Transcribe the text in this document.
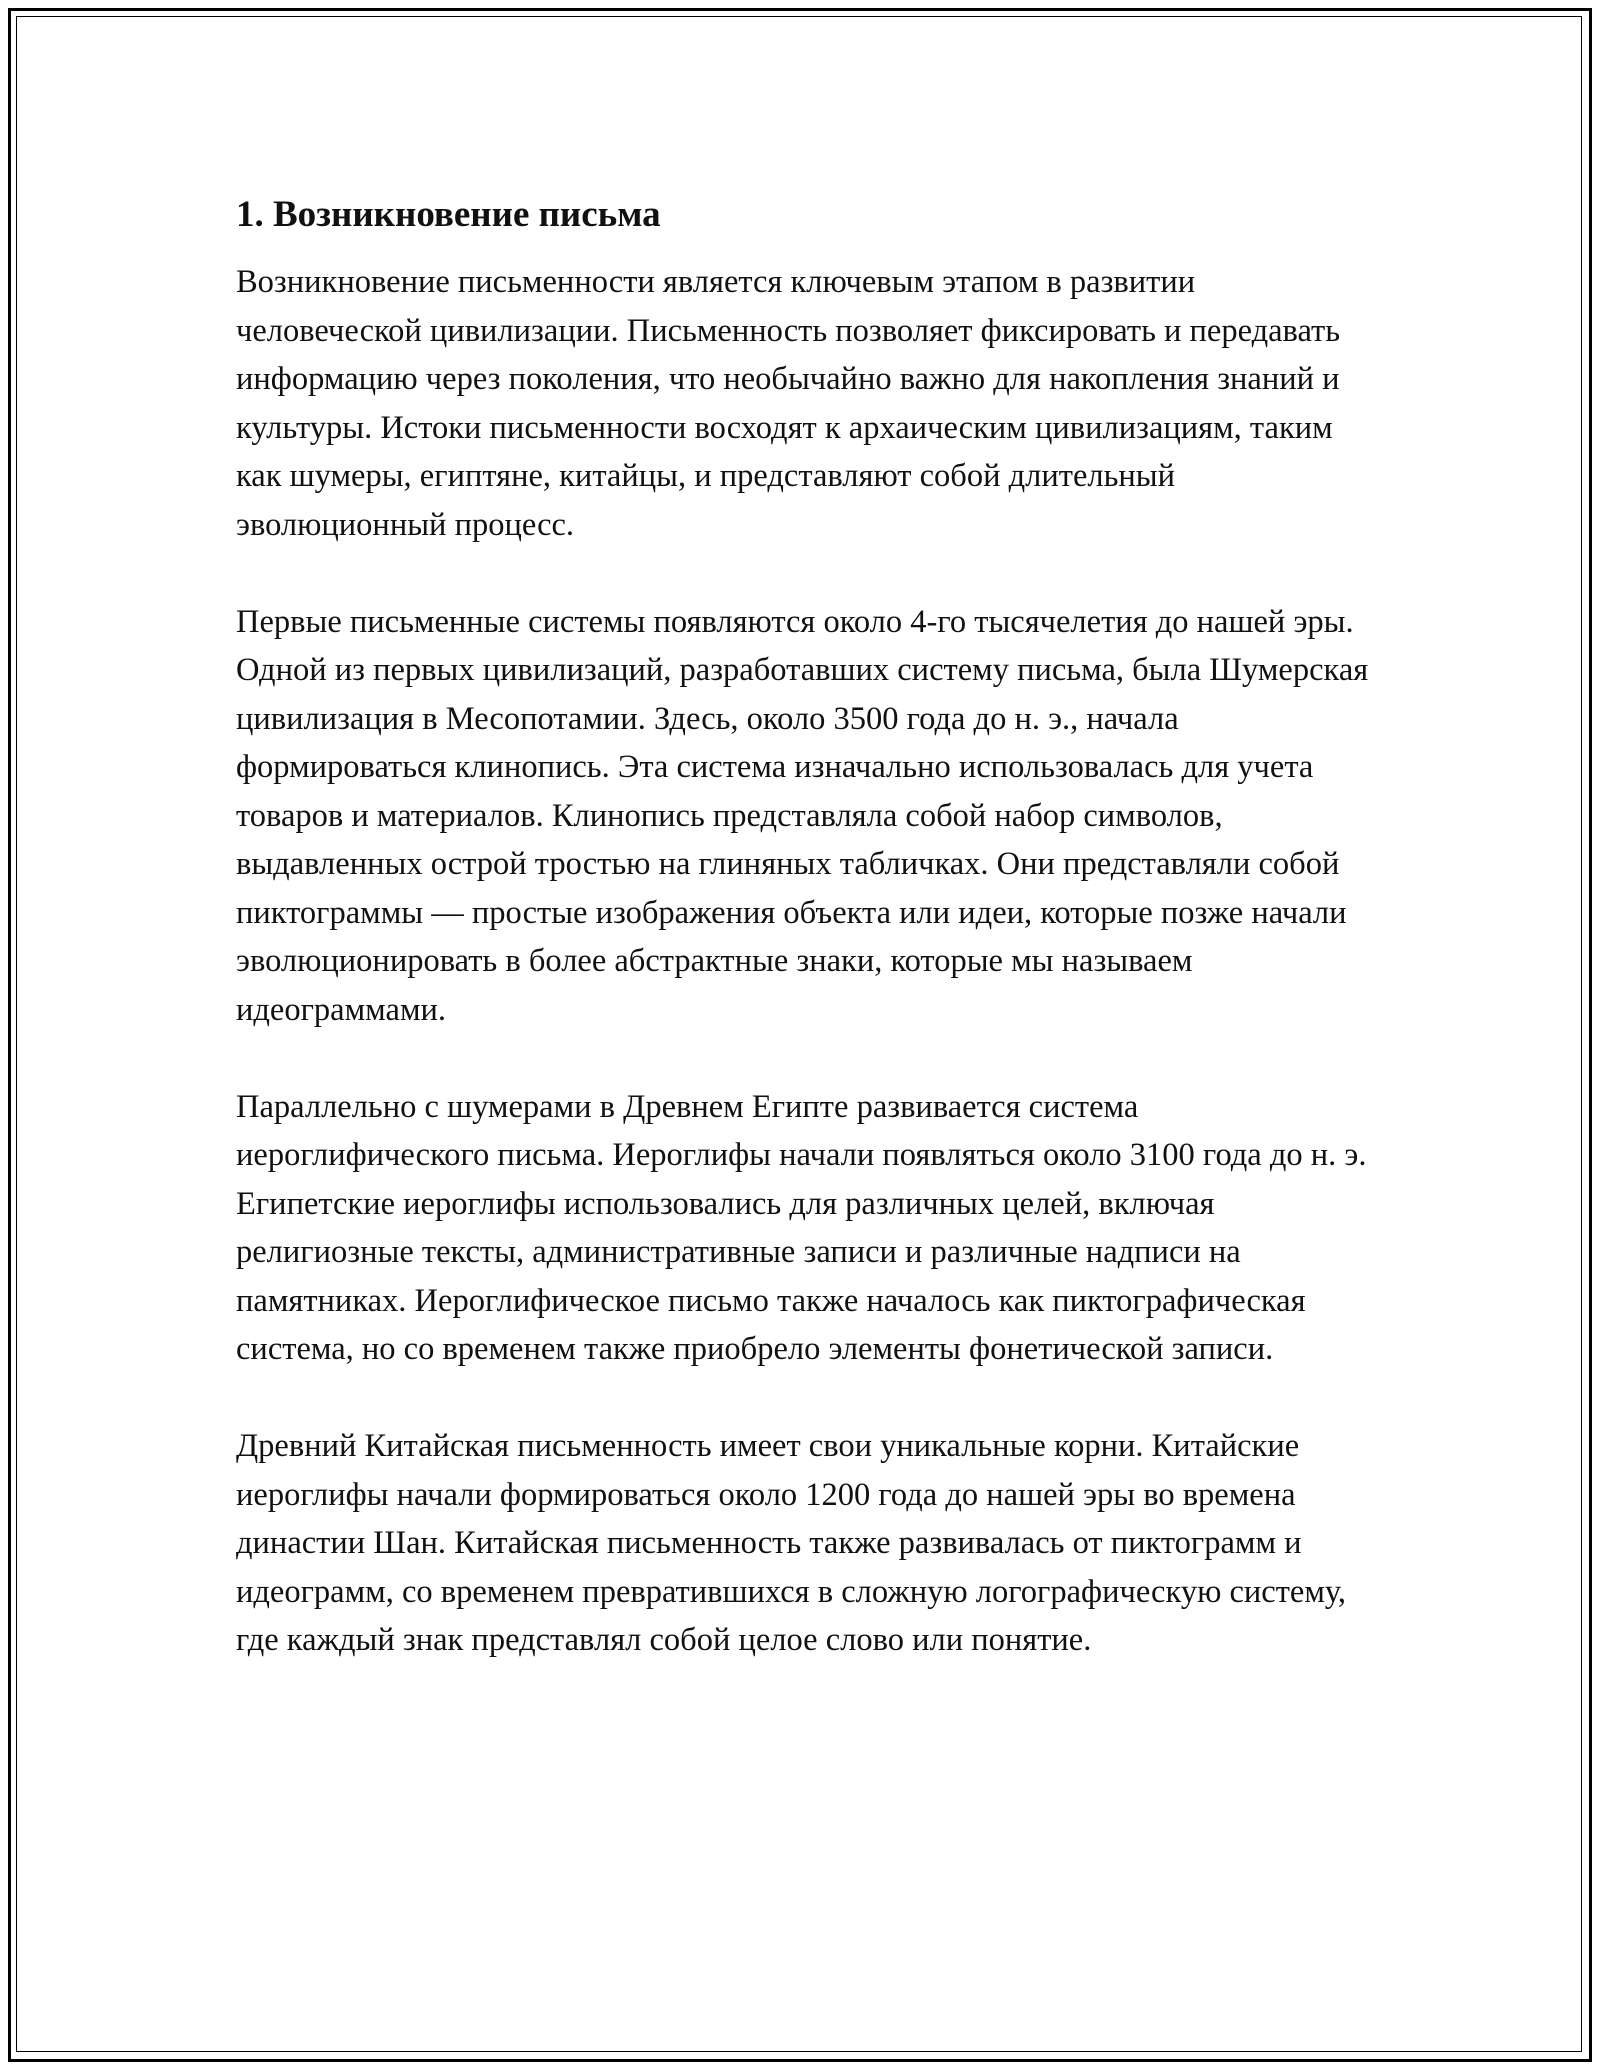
1. Возникновение письма

Возникновение письменности является ключевым этапом в развитии человеческой цивилизации. Письменность позволяет фиксировать и передавать информацию через поколения, что необычайно важно для накопления знаний и культуры. Истоки письменности восходят к архаическим цивилизациям, таким как шумеры, египтяне, китайцы, и представляют собой длительный эволюционный процесс.

Первые письменные системы появляются около 4-го тысячелетия до нашей эры. Одной из первых цивилизаций, разработавших систему письма, была Шумерская цивилизация в Месопотамии. Здесь, около 3500 года до н. э., начала формироваться клинопись. Эта система изначально использовалась для учета товаров и материалов. Клинопись представляла собой набор символов, выдавленных острой тростью на глиняных табличках. Они представляли собой пиктограммы — простые изображения объекта или идеи, которые позже начали эволюционировать в более абстрактные знаки, которые мы называем идеограммами.

Параллельно с шумерами в Древнем Египте развивается система иероглифического письма. Иероглифы начали появляться около 3100 года до н. э. Египетские иероглифы использовались для различных целей, включая религиозные тексты, административные записи и различные надписи на памятниках. Иероглифическое письмо также началось как пиктографическая система, но со временем также приобрело элементы фонетической записи.

Древний Китайская письменность имеет свои уникальные корни. Китайские иероглифы начали формироваться около 1200 года до нашей эры во времена династии Шан. Китайская письменность также развивалась от пиктограмм и идеограмм, со временем превратившихся в сложную логографическую систему, где каждый знак представлял собой целое слово или понятие.
